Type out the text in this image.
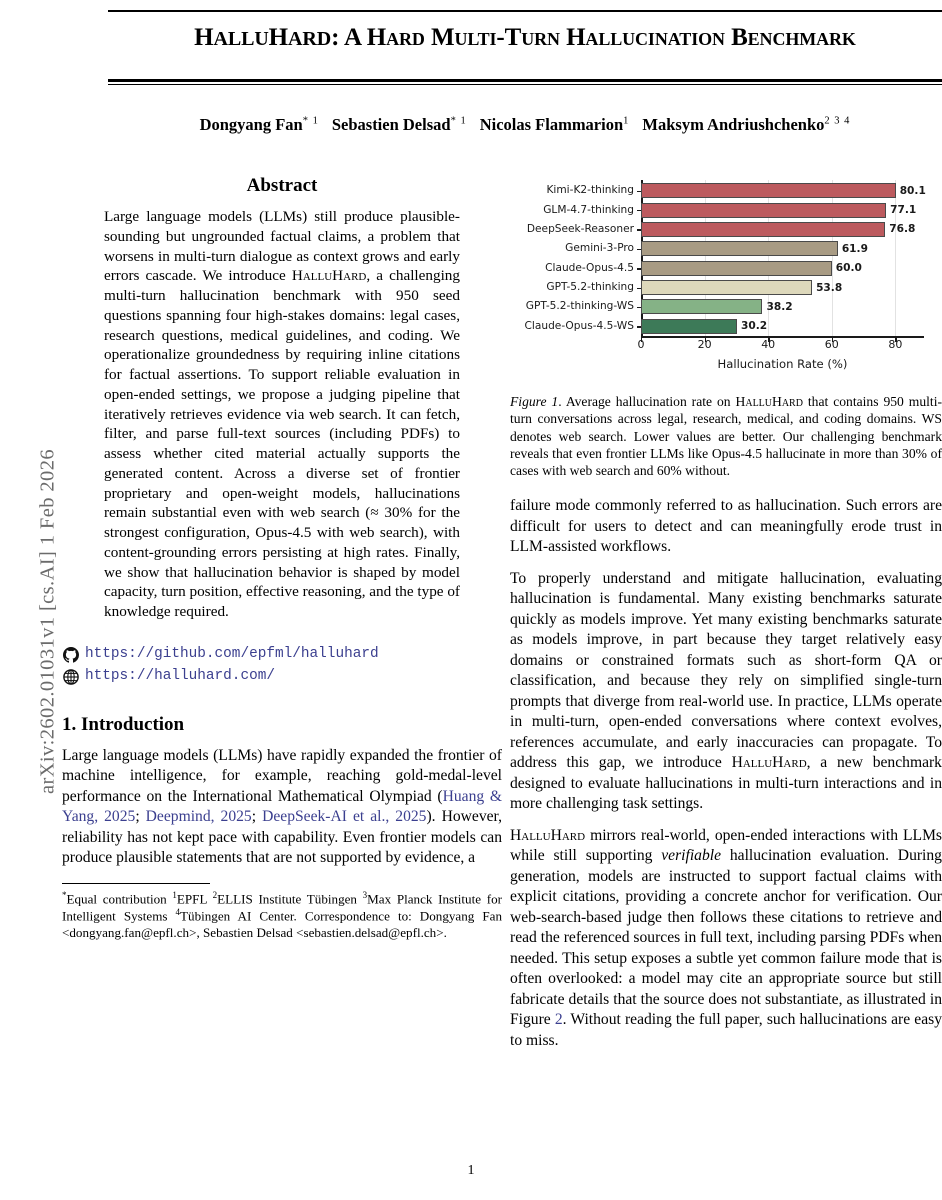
arXiv:2602.01031v1 [cs.AI] 1 Feb 2026
HALLUHARD: A Hard Multi-Turn Hallucination Benchmark
Dongyang Fan$^{* 1}$ Sebastien Delsad$^{* 1}$ Nicolas Flammarion$^1$ Maksym Andriushchenko$^{2 3 4}$
Abstract
Large language models (LLMs) still produce plausible-sounding but ungrounded factual claims, a problem that worsens in multi-turn dialogue as context grows and early errors cascade. We introduce HalluHard, a challenging multi-turn hallucination benchmark with 950 seed questions spanning four high-stakes domains: legal cases, research questions, medical guidelines, and coding. We operationalize groundedness by requiring inline citations for factual assertions. To support reliable evaluation in open-ended settings, we propose a judging pipeline that iteratively retrieves evidence via web search. It can fetch, filter, and parse full-text sources (including PDFs) to assess whether cited material actually supports the generated content. Across a diverse set of frontier proprietary and open-weight models, hallucinations remain substantial even with web search (≈ 30% for the strongest configuration, Opus-4.5 with web search), with content-grounding errors persisting at high rates. Finally, we show that hallucination behavior is shaped by model capacity, turn position, effective reasoning, and the type of knowledge required.
https://github.com/epfml/halluhard
https://halluhard.com/
1. Introduction
Large language models (LLMs) have rapidly expanded the frontier of machine intelligence, for example, reaching gold-medal-level performance on the International Mathematical Olympiad (Huang & Yang, 2025; Deepmind, 2025; DeepSeek-AI et al., 2025). However, reliability has not kept pace with capability. Even frontier models can produce plausible statements that are not supported by evidence, a
*Equal contribution $^1$EPFL $^2$ELLIS Institute Tübingen $^3$Max Planck Institute for Intelligent Systems $^4$Tübingen AI Center. Correspondence to: Dongyang Fan <dongyang.fan@epfl.ch>, Sebastien Delsad <sebastien.delsad@epfl.ch>.
Hallucination Rate (%)
Kimi-K2-thinking	80.1
GLM-4.7-thinking	77.1
DeepSeek-Reasoner	76.8
Gemini-3-Pro	61.9
Claude-Opus-4.5	60.0
GPT-5.2-thinking	53.8
GPT-5.2-thinking-WS	38.2
Claude-Opus-4.5-WS	30.2
0	20	40	60	80
Figure 1. Average hallucination rate on HalluHard that contains 950 multi-turn conversations across legal, research, medical, and coding domains. WS denotes web search. Lower values are better. Our challenging benchmark reveals that even frontier LLMs like Opus-4.5 hallucinate in more than 30% of cases with web search and 60% without.
failure mode commonly referred to as hallucination. Such errors are difficult for users to detect and can meaningfully erode trust in LLM-assisted workflows.
To properly understand and mitigate hallucination, evaluating hallucination is fundamental. Many existing benchmarks saturate quickly as models improve. Yet many existing benchmarks saturate as models improve, in part because they target relatively easy domains or constrained formats such as short-form QA or classification, and because they rely on simplified single-turn prompts that diverge from real-world use. In practice, LLMs operate in multi-turn, open-ended conversations where context evolves, references accumulate, and early inaccuracies can propagate. To address this gap, we introduce HalluHard, a new benchmark designed to evaluate hallucinations in multi-turn interactions and in more challenging task settings.
HalluHard mirrors real-world, open-ended interactions with LLMs while still supporting verifiable hallucination evaluation. During generation, models are instructed to support factual claims with explicit citations, providing a concrete anchor for verification. Our web-search-based judge then follows these citations to retrieve and read the referenced sources in full text, including parsing PDFs when needed. This setup exposes a subtle yet common failure mode that is often overlooked: a model may cite an appropriate source but still fabricate details that the source does not substantiate, as illustrated in Figure 2. Without reading the full paper, such hallucinations are easy to miss.
1
